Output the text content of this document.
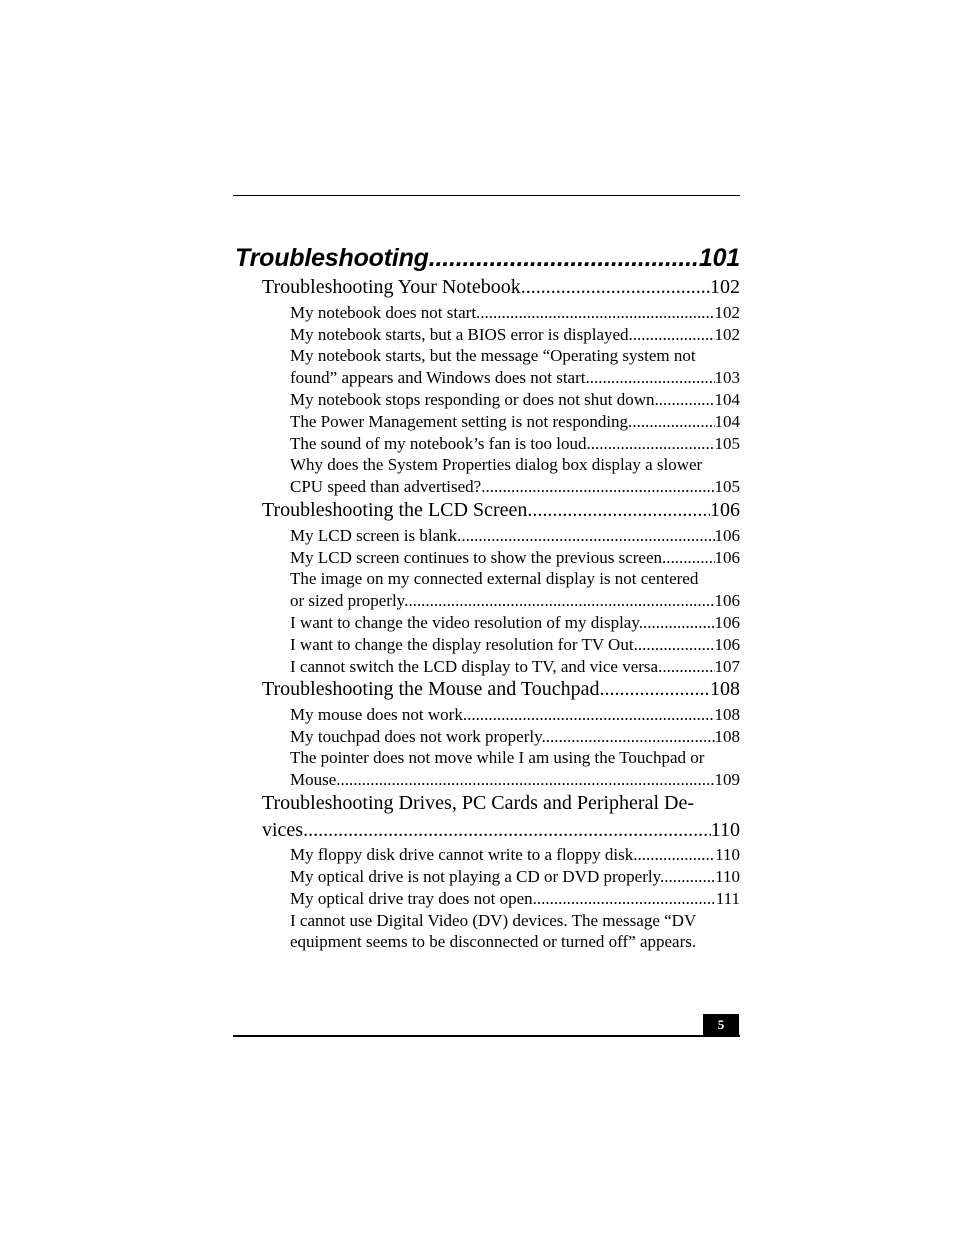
Troubleshooting .....	101
Troubleshooting Your Notebook .....	102
My notebook does not start. .....	102
My notebook starts, but a BIOS error is displayed. .....	102
My notebook starts, but the message “Operating system not
found” appears and Windows does not start. .....	103
My notebook stops responding or does not shut down. .....	104
The Power Management setting is not responding. .....	104
The sound of my notebook’s fan is too loud. .....	105
Why does the System Properties dialog box display a slower
CPU speed than advertised? .....	105
Troubleshooting the LCD Screen .....	106
My LCD screen is blank. .....	106
My LCD screen continues to show the previous screen. .....	106
The image on my connected external display is not centered
or sized properly. .....	106
I want to change the video resolution of my display. .....	106
I want to change the display resolution for TV Out .....	106
I cannot switch the LCD display to TV, and vice versa. .....	107
Troubleshooting the Mouse and Touchpad .....	108
My mouse does not work. .....	108
My touchpad does not work properly. .....	108
The pointer does not move while I am using the Touchpad or
Mouse. .....	109
Troubleshooting Drives, PC Cards and Peripheral De-
vices .....	110
My floppy disk drive cannot write to a floppy disk .....	110
My optical drive is not playing a CD or DVD properly. .....	110
My optical drive tray does not open. .....	111
I cannot use Digital Video (DV) devices. The message “DV
equipment seems to be disconnected or turned off” appears.
5
